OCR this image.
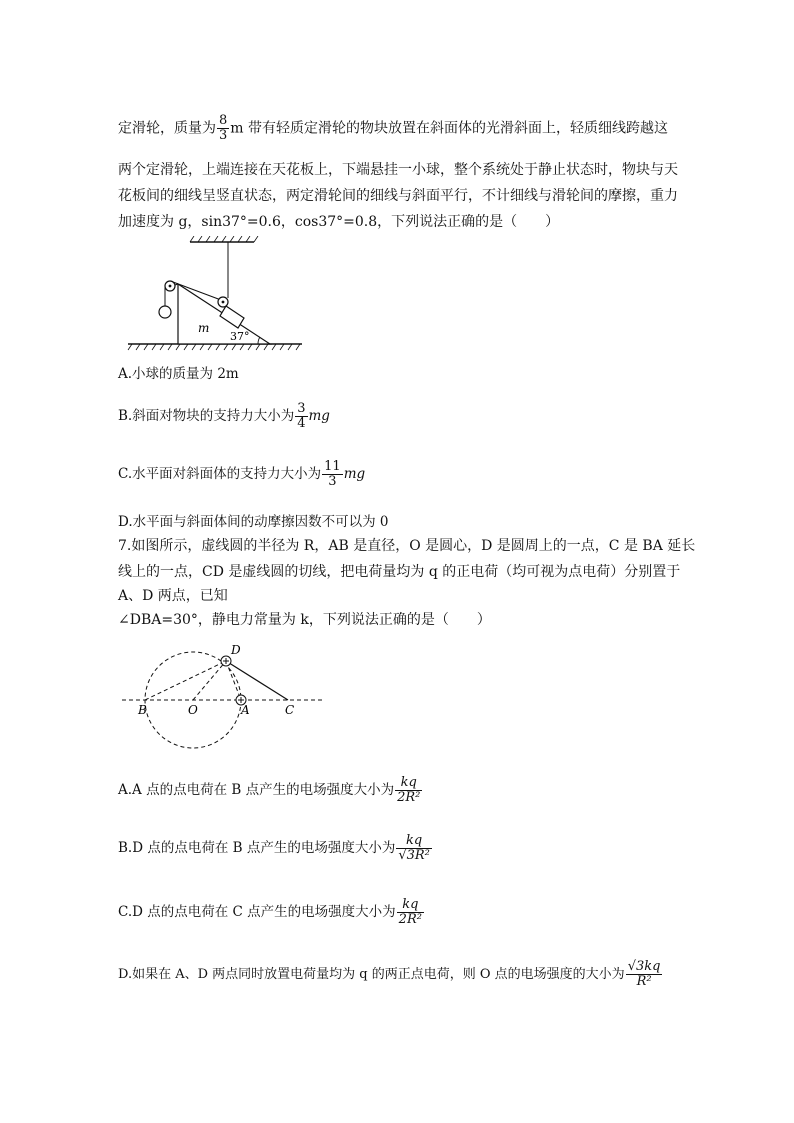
定滑轮，质量为 $\frac{8}{3}$ m 带有轻质定滑轮的物块放置在斜面体的光滑斜面上，轻质细线跨越这
两个定滑轮，上端连接在天花板上，下端悬挂一小球，整个系统处于静止状态时，物块与天
花板间的细线呈竖直状态，两定滑轮间的细线与斜面平行，不计细线与滑轮间的摩擦，重力
加速度为 g，sin37°=0.6，cos37°=0.8，下列说法正确的是（　　）
m
37°
A.小球的质量为 2m
B.斜面对物块的支持力大小为 $\frac{3}{4}$ mg
C.水平面对斜面体的支持力大小为 $\frac{11}{3}$ mg
D.水平面与斜面体间的动摩擦因数不可以为 0
7.如图所示，虚线圆的半径为 R，AB 是直径，O 是圆心，D 是圆周上的一点，C 是 BA 延长
线上的一点，CD 是虚线圆的切线，把电荷量均为 q 的正电荷（均可视为点电荷）分别置于
A、D 两点，已知
∠DBA=30°，静电力常量为 k，下列说法正确的是（　　）
B	O	A	C
D
A.A 点的点电荷在 B 点产生的电场强度大小为 $\frac{kq}{\text{2R²}}$
B.D 点的点电荷在 B 点产生的电场强度大小为 $\frac{kq}{\text{√3R²}}$
C.D 点的点电荷在 C 点产生的电场强度大小为 $\frac{kq}{\text{2R²}}$
D.如果在 A、D 两点同时放置电荷量均为 q 的两正点电荷，则 O 点的电场强度的大小为 $\frac{√3kq}{\text{R²}}$
